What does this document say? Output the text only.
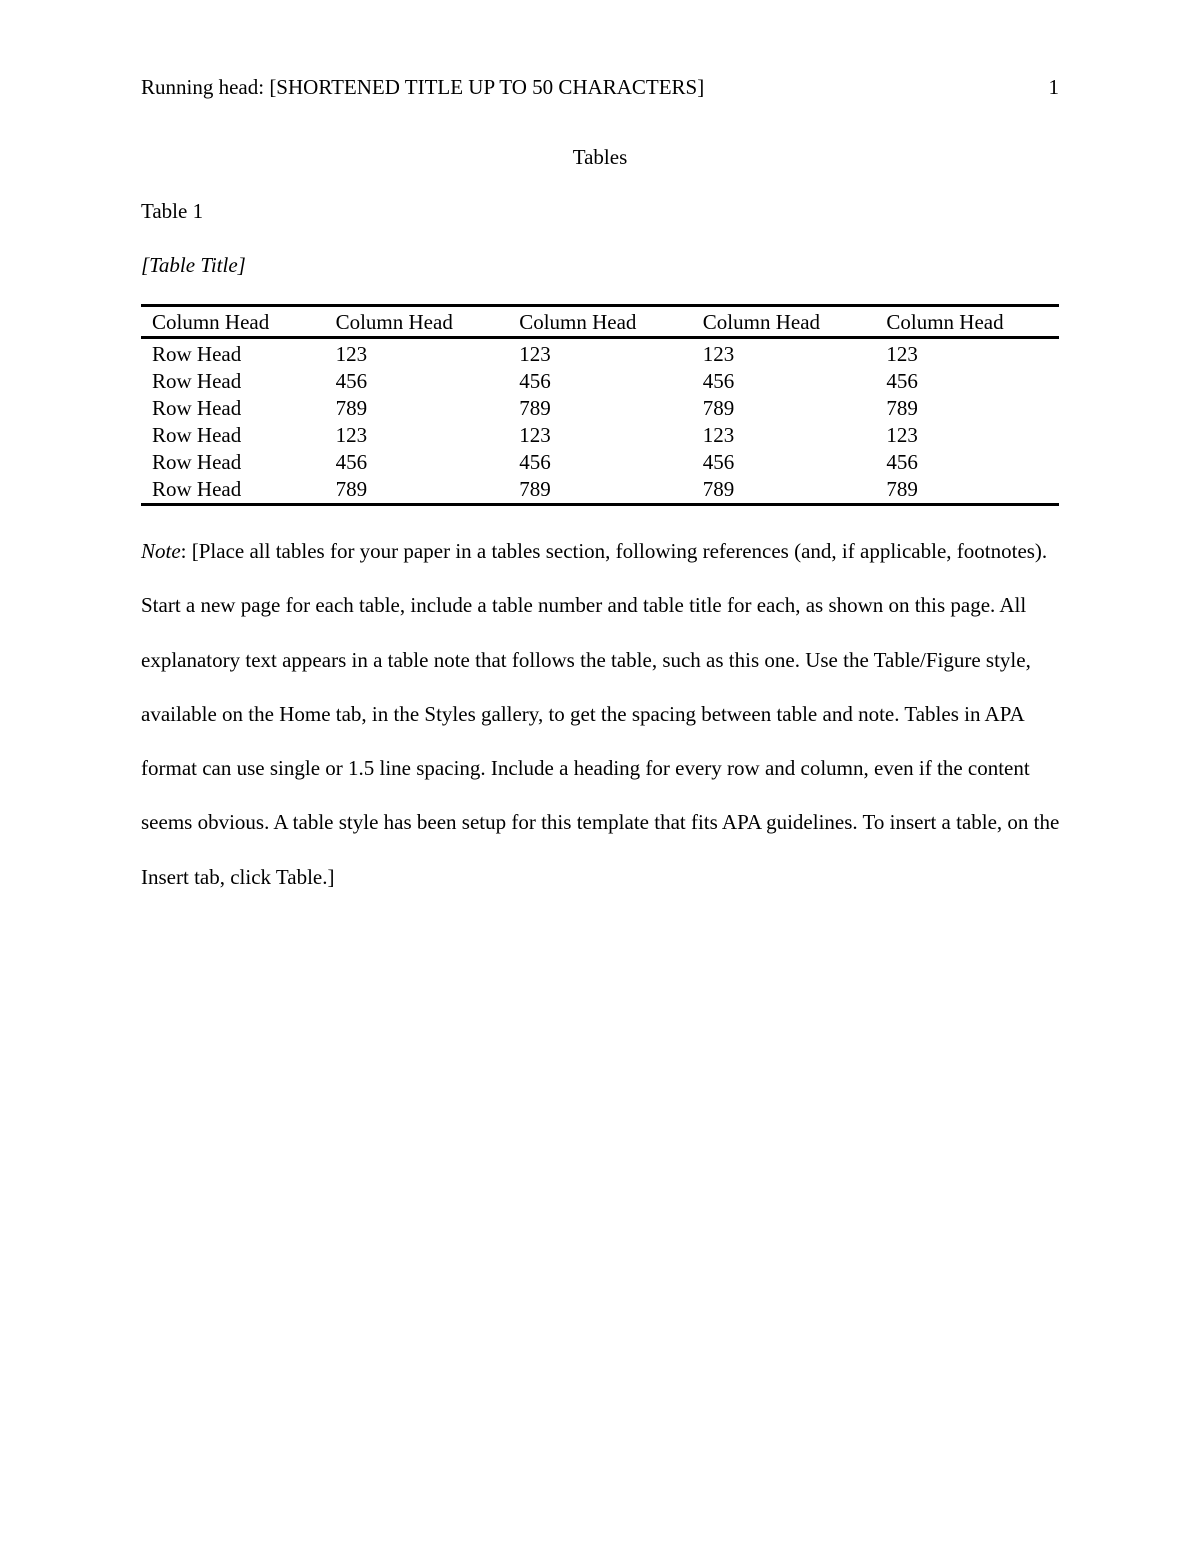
Running head: [SHORTENED TITLE UP TO 50 CHARACTERS]	1
Tables
Table 1
[Table Title]
Column Head	Column Head	Column Head	Column Head	Column Head
Row Head	123	123	123	123
Row Head	456	456	456	456
Row Head	789	789	789	789
Row Head	123	123	123	123
Row Head	456	456	456	456
Row Head	789	789	789	789

Note: [Place all tables for your paper in a tables section, following references (and, if applicable, footnotes). Start a new page for each table, include a table number and table title for each, as shown on this page. All explanatory text appears in a table note that follows the table, such as this one. Use the Table/Figure style, available on the Home tab, in the Styles gallery, to get the spacing between table and note. Tables in APA format can use single or 1.5 line spacing. Include a heading for every row and column, even if the content seems obvious. A table style has been setup for this template that fits APA guidelines. To insert a table, on the Insert tab, click Table.]
